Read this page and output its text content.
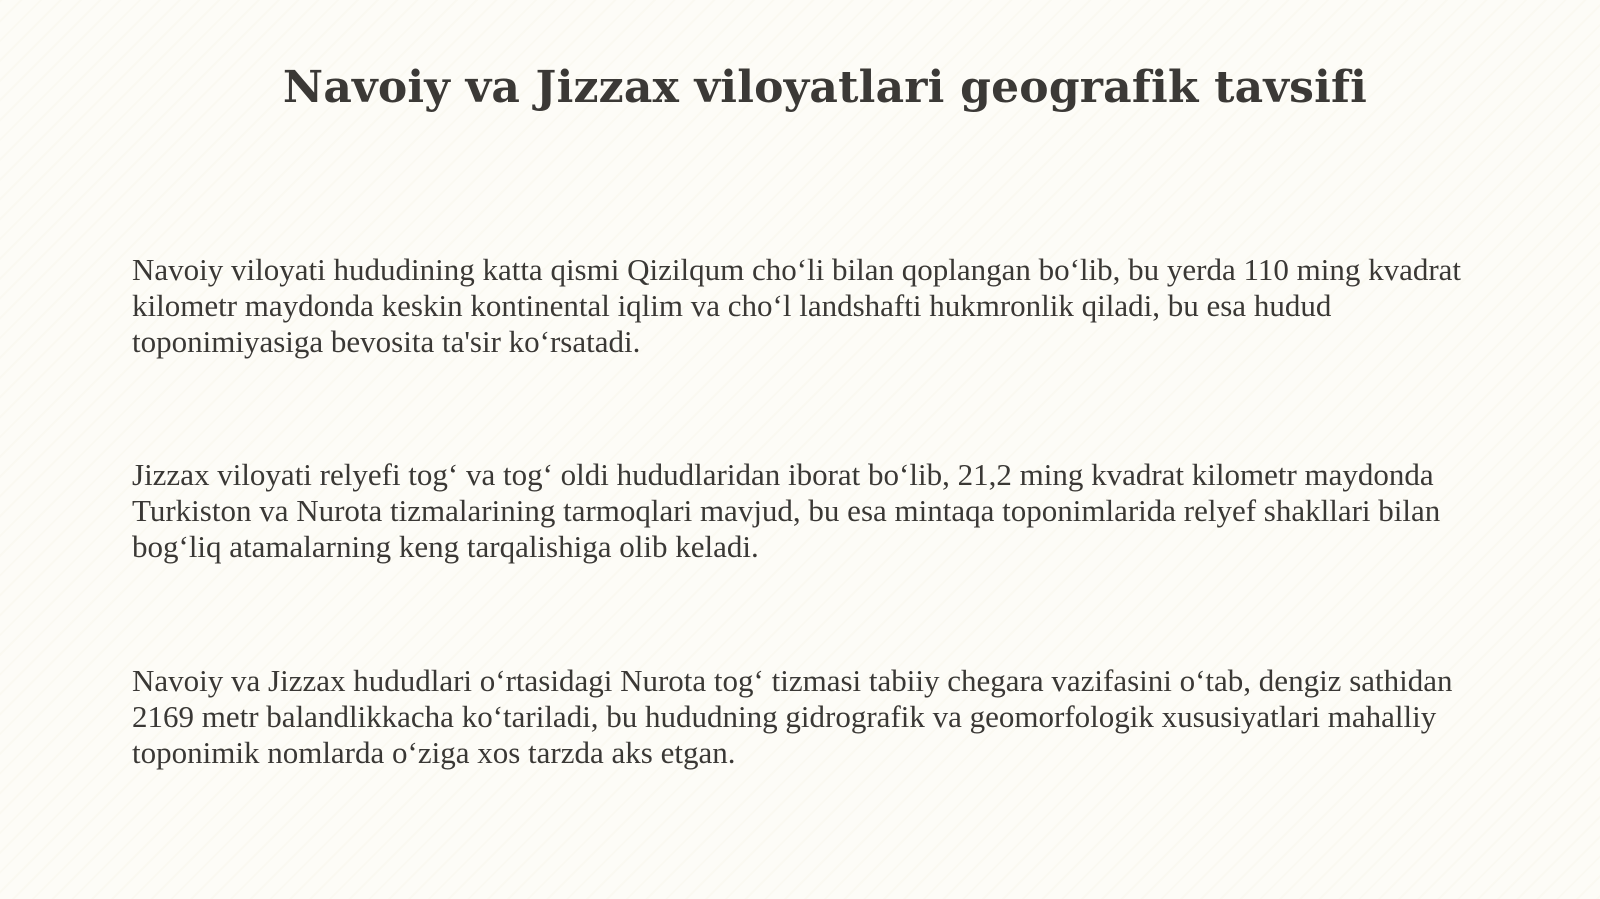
Navoiy va Jizzax viloyatlari geografik tavsifi

Navoiy viloyati hududining katta qismi Qizilqum cho‘li bilan qoplangan bo‘lib, bu yerda 110 ming kvadrat kilometr maydonda keskin kontinental iqlim va cho‘l landshafti hukmronlik qiladi, bu esa hudud toponimiyasiga bevosita ta'sir ko‘rsatadi.

Jizzax viloyati relyefi tog‘ va tog‘ oldi hududlaridan iborat bo‘lib, 21,2 ming kvadrat kilometr maydonda Turkiston va Nurota tizmalarining tarmoqlari mavjud, bu esa mintaqa toponimlarida relyef shakllari bilan bog‘liq atamalarning keng tarqalishiga olib keladi.

Navoiy va Jizzax hududlari o‘rtasidagi Nurota tog‘ tizmasi tabiiy chegara vazifasini o‘tab, dengiz sathidan 2169 metr balandlikkacha ko‘tariladi, bu hududning gidrografik va geomorfologik xususiyatlari mahalliy toponimik nomlarda o‘ziga xos tarzda aks etgan.
